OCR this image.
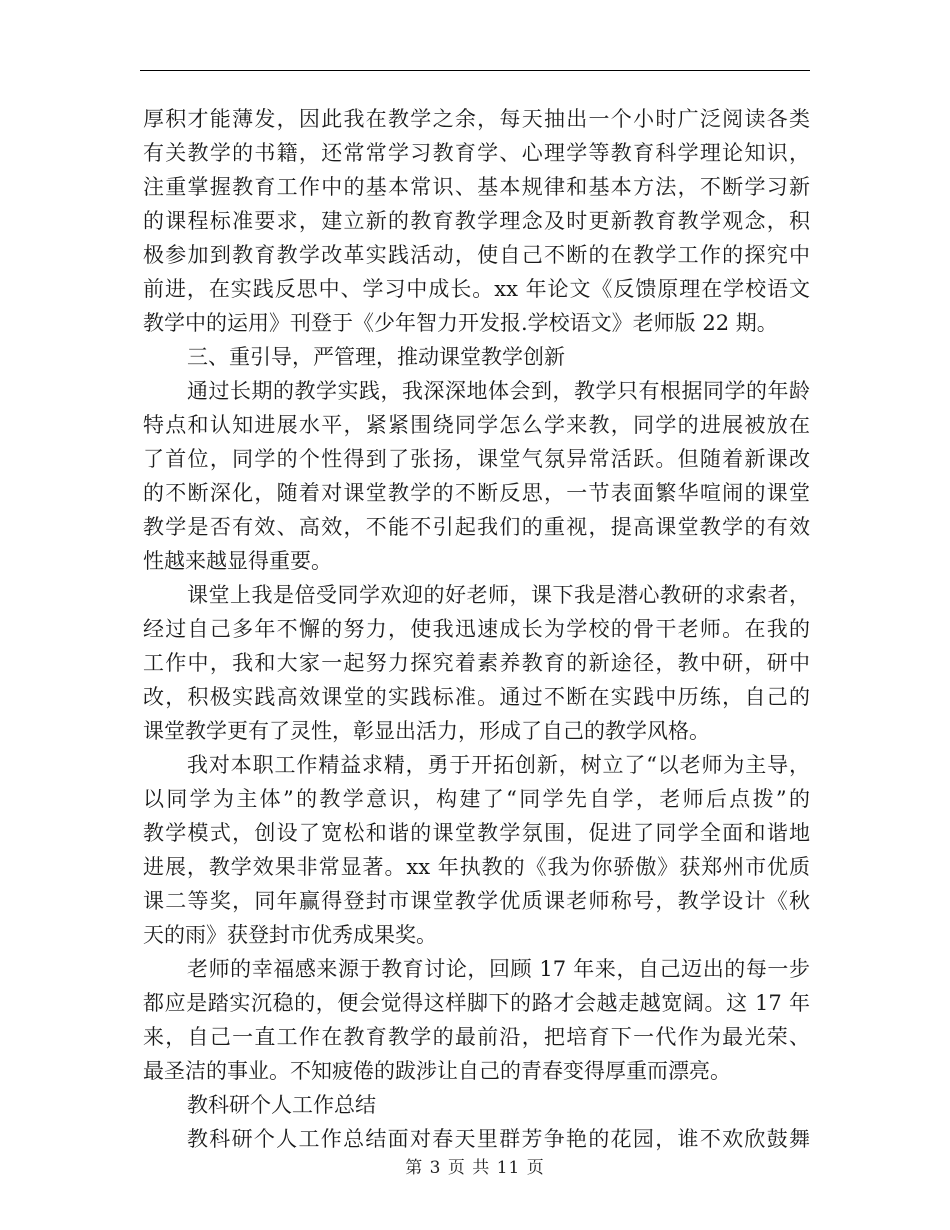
厚积才能薄发，因此我在教学之余，每天抽出一个小时广泛阅读各类
有关教学的书籍，还常常学习教育学、心理学等教育科学理论知识，
注重掌握教育工作中的基本常识、基本规律和基本方法，不断学习新
的课程标准要求，建立新的教育教学理念及时更新教育教学观念，积
极参加到教育教学改革实践活动，使自己不断的在教学工作的探究中
前进，在实践反思中、学习中成长。xx 年论文《反馈原理在学校语文
教学中的运用》刊登于《少年智力开发报.学校语文》老师版 22 期。
三、重引导，严管理，推动课堂教学创新
通过长期的教学实践，我深深地体会到，教学只有根据同学的年龄
特点和认知进展水平，紧紧围绕同学怎么学来教，同学的进展被放在
了首位，同学的个性得到了张扬，课堂气氛异常活跃。但随着新课改
的不断深化，随着对课堂教学的不断反思，一节表面繁华喧闹的课堂
教学是否有效、高效，不能不引起我们的重视，提高课堂教学的有效
性越来越显得重要。
课堂上我是倍受同学欢迎的好老师，课下我是潜心教研的求索者，
经过自己多年不懈的努力，使我迅速成长为学校的骨干老师。在我的
工作中，我和大家一起努力探究着素养教育的新途径，教中研，研中
改，积极实践高效课堂的实践标准。通过不断在实践中历练，自己的
课堂教学更有了灵性，彰显出活力，形成了自己的教学风格。
我对本职工作精益求精，勇于开拓创新，树立了“以老师为主导，
以同学为主体”的教学意识，构建了“同学先自学，老师后点拨”的
教学模式，创设了宽松和谐的课堂教学氛围，促进了同学全面和谐地
进展，教学效果非常显著。xx 年执教的《我为你骄傲》获郑州市优质
课二等奖，同年赢得登封市课堂教学优质课老师称号，教学设计《秋
天的雨》获登封市优秀成果奖。
老师的幸福感来源于教育讨论，回顾 17 年来，自己迈出的每一步
都应是踏实沉稳的，便会觉得这样脚下的路才会越走越宽阔。这 17 年
来，自己一直工作在教育教学的最前沿，把培育下一代作为最光荣、
最圣洁的事业。不知疲倦的跋涉让自己的青春变得厚重而漂亮。
教科研个人工作总结
教科研个人工作总结面对春天里群芳争艳的花园，谁不欢欣鼓舞
第 3 页 共 11 页
